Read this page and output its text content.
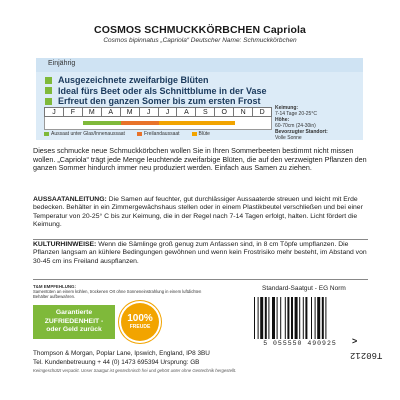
COSMOS SCHMUCKKÖRBCHEN Capriola
Cosmos bipinnatus „Capriola“ Deutscher Name: Schmuckkörbchen
Einjährig
Ausgezeichnete zweifarbige Blüten
Ideal fürs Beet oder als Schnittblume in der Vase
Erfreut den ganzen Somer bis zum ersten Frost
J	F	M	A	M	J	J	A	S	O	N	D
Aussaat unter Glas/Innenaussaat	Freilandaussaat	Blüte
Keimung:
7-14 Tage 20-25°C
Höhe:
60-70cm (24-30in)
Bevorzugter Standort:
Volle Sonne
Dieses schmucke neue Schmuckkörbchen wollen Sie in Ihren Sommerbeeten bestimmt nicht missen wollen. „Capriola“ trägt jede Menge leuchtende zweifarbige Blüten, die auf den verzweigten Pflanzen den ganzen Sommer hindurch immer neu produziert werden. Einfach aus Samen zu ziehen.
AUSSAATANLEITUNG: Die Samen auf feuchter, gut durchlässiger Aussaaterde streuen und leicht mit Erde bedecken. Behälter in ein Zimmergewächshaus stellen oder in einem Plastikbeutel verschließen und bei einer Temperatur von 20-25° C bis zur Keimung, die in der Regel nach 7-14 Tagen erfolgt, halten. Licht fördert die Keimung.
KULTURHINWEISE: Wenn die Sämlinge groß genug zum Anfassen sind, in 8 cm Töpfe umpflanzen. Die Pflanzen langsam an kühlere Bedingungen gewöhnen und wenn kein Frostrisiko mehr besteht, im Abstand von 30-45 cm ins Freiland auspflanzen.
T&M EMPFEHLUNG:
Samentüten an einem kühlen, trockenen Ort ohne Sonneneinstrahlung in einem luftdichten Behälter aufbewahren.
Standard-Saatgut - EG Norm
Garantierte
ZUFRIEDENHEIT -
oder Geld zurück
100%
FREUDE
5 055550 490925	>
Thompson & Morgan, Poplar Lane, Ipswich, England, IP8 3BU
Tel. Kundenbetreuung + 44 (0) 1473 695394 Ursprung: GB
T60212
Keimgeschützt verpackt. Unser Saatgut ist gentechnisch frei und gehört unter ohne Gentechnik hergestellt.
